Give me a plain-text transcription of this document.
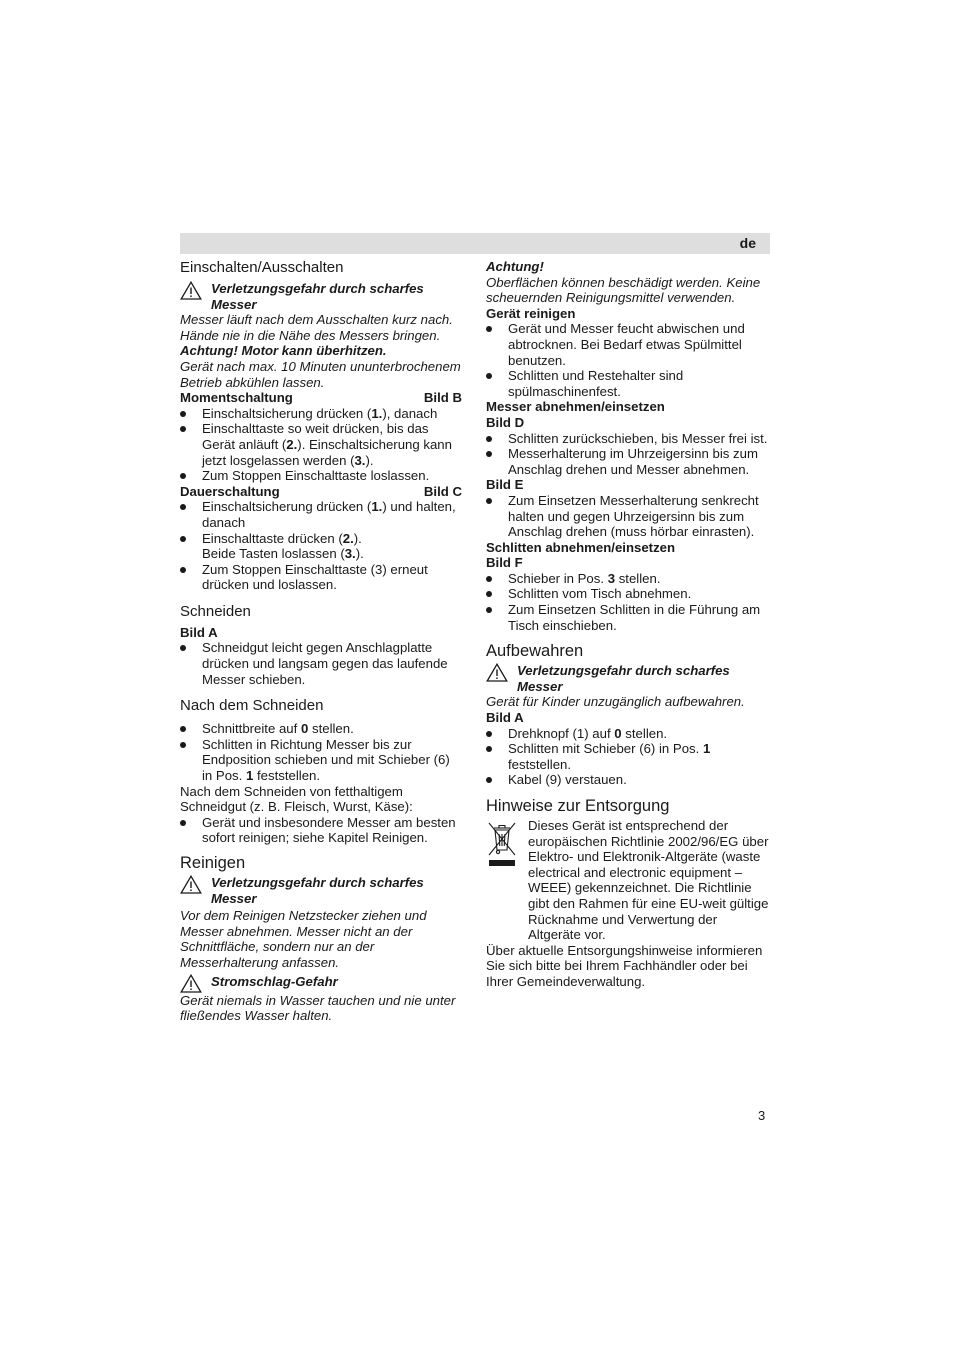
de
Einschalten/Ausschalten
Verletzungsgefahr durch scharfes Messer
Messer läuft nach dem Ausschalten kurz nach. Hände nie in die Nähe des Messers bringen.
Achtung! Motor kann überhitzen.
Gerät nach max. 10 Minuten ununterbrochenem Betrieb abkühlen lassen.
Momentschaltung	Bild B
Einschaltsicherung drücken (1.), danach
Einschalttaste so weit drücken, bis das Gerät anläuft (2.). Einschaltsicherung kann jetzt losgelassen werden (3.).
Zum Stoppen Einschalttaste loslassen.
Dauerschaltung	Bild C
Einschaltsicherung drücken (1.) und halten, danach
Einschalttaste drücken (2.).
Beide Tasten loslassen (3.).
Zum Stoppen Einschalttaste (3) erneut drücken und loslassen.
Schneiden
Bild A
Schneidgut leicht gegen Anschlagplatte drücken und langsam gegen das laufende Messer schieben.
Nach dem Schneiden
Schnittbreite auf 0 stellen.
Schlitten in Richtung Messer bis zur Endposition schieben und mit Schieber (6) in Pos. 1 feststellen.
Nach dem Schneiden von fetthaltigem Schneidgut (z. B. Fleisch, Wurst, Käse):
Gerät und insbesondere Messer am besten sofort reinigen; siehe Kapitel Reinigen.
Reinigen
Verletzungsgefahr durch scharfes Messer
Vor dem Reinigen Netzstecker ziehen und Messer abnehmen. Messer nicht an der Schnittfläche, sondern nur an der Messerhalterung anfassen.
Stromschlag-Gefahr
Gerät niemals in Wasser tauchen und nie unter fließendes Wasser halten.
Achtung!
Oberflächen können beschädigt werden. Keine scheuernden Reinigungsmittel verwenden.
Gerät reinigen
Gerät und Messer feucht abwischen und abtrocknen. Bei Bedarf etwas Spülmittel benutzen.
Schlitten und Restehalter sind spülmaschinenfest.
Messer abnehmen/einsetzen
Bild D
Schlitten zurückschieben, bis Messer frei ist.
Messerhalterung im Uhrzeigersinn bis zum Anschlag drehen und Messer abnehmen.
Bild E
Zum Einsetzen Messerhalterung senkrecht halten und gegen Uhrzeigersinn bis zum Anschlag drehen (muss hörbar einrasten).
Schlitten abnehmen/einsetzen
Bild F
Schieber in Pos. 3 stellen.
Schlitten vom Tisch abnehmen.
Zum Einsetzen Schlitten in die Führung am Tisch einschieben.
Aufbewahren
Verletzungsgefahr durch scharfes Messer
Gerät für Kinder unzugänglich aufbewahren.
Bild A
Drehknopf (1) auf 0 stellen.
Schlitten mit Schieber (6) in Pos. 1 feststellen.
Kabel (9) verstauen.
Hinweise zur Entsorgung
Dieses Gerät ist entsprechend der europäischen Richtlinie 2002/96/EG über Elektro- und Elektronik-Altgeräte (waste electrical and electronic equipment – WEEE) gekennzeichnet. Die Richtlinie gibt den Rahmen für eine EU-weit gültige Rücknahme und Verwertung der Altgeräte vor.
Über aktuelle Entsorgungshinweise informieren Sie sich bitte bei Ihrem Fachhändler oder bei Ihrer Gemeindeverwaltung.
3
